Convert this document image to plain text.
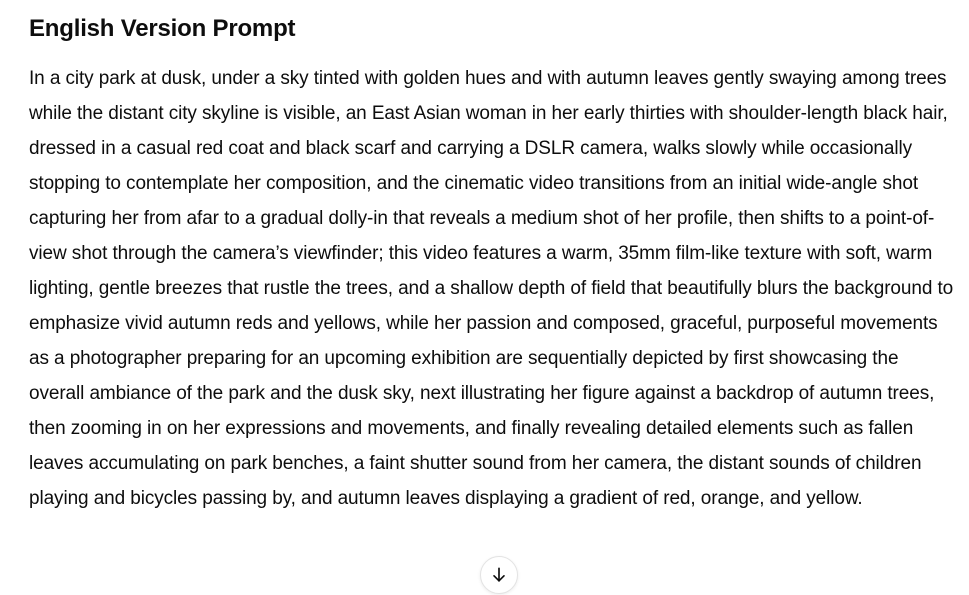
English Version Prompt

In a city park at dusk, under a sky tinted with golden hues and with autumn leaves gently swaying among trees while the distant city skyline is visible, an East Asian woman in her early thirties with shoulder-length black hair, dressed in a casual red coat and black scarf and carrying a DSLR camera, walks slowly while occasionally stopping to contemplate her composition, and the cinematic video transitions from an initial wide-angle shot capturing her from afar to a gradual dolly-in that reveals a medium shot of her profile, then shifts to a point-of-view shot through the camera’s viewfinder; this video features a warm, 35mm film-like texture with soft, warm lighting, gentle breezes that rustle the trees, and a shallow depth of field that beautifully blurs the background to emphasize vivid autumn reds and yellows, while her passion and composed, graceful, purposeful movements as a photographer preparing for an upcoming exhibition are sequentially depicted by first showcasing the overall ambiance of the park and the dusk sky, next illustrating her figure against a backdrop of autumn trees, then zooming in on her expressions and movements, and finally revealing detailed elements such as fallen leaves accumulating on park benches, a faint shutter sound from her camera, the distant sounds of children playing and bicycles passing by, and autumn leaves displaying a gradient of red, orange, and yellow.
